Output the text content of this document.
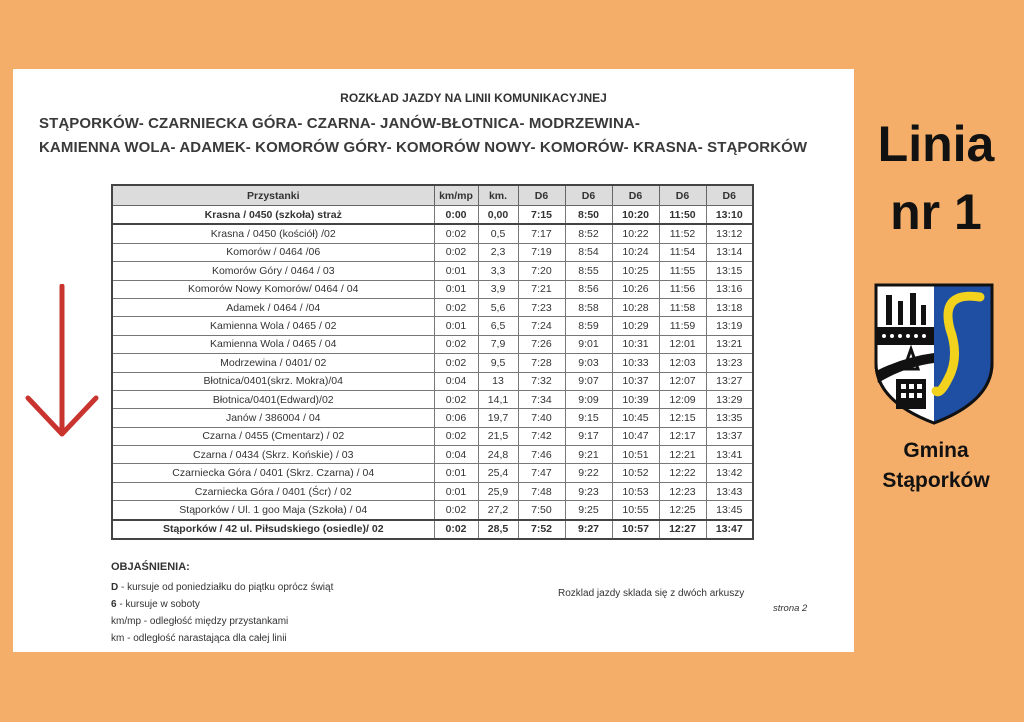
ROZKŁAD JAZDY NA LINII KOMUNIKACYJNEJ
STĄPORKÓW- CZARNIECKA GÓRA- CZARNA- JANÓW-BŁOTNICA- MODRZEWINA-
KAMIENNA WOLA- ADAMEK- KOMORÓW GÓRY- KOMORÓW NOWY- KOMORÓW- KRASNA- STĄPORKÓW
Przystanki	km/mp	km.	D6	D6	D6	D6	D6
Krasna / 0450 (szkoła) straż	0:00	0,00	7:15	8:50	10:20	11:50	13:10
Krasna / 0450 (kościół) /02	0:02	0,5	7:17	8:52	10:22	11:52	13:12
Komorów / 0464 /06	0:02	2,3	7:19	8:54	10:24	11:54	13:14
Komorów Góry / 0464 / 03	0:01	3,3	7:20	8:55	10:25	11:55	13:15
Komorów Nowy Komorów/ 0464 / 04	0:01	3,9	7:21	8:56	10:26	11:56	13:16
Adamek / 0464 / /04	0:02	5,6	7:23	8:58	10:28	11:58	13:18
Kamienna Wola / 0465 / 02	0:01	6,5	7:24	8:59	10:29	11:59	13:19
Kamienna Wola / 0465 / 04	0:02	7,9	7:26	9:01	10:31	12:01	13:21
Modrzewina / 0401/ 02	0:02	9,5	7:28	9:03	10:33	12:03	13:23
Błotnica/0401(skrz. Mokra)/04	0:04	13	7:32	9:07	10:37	12:07	13:27
Błotnica/0401(Edward)/02	0:02	14,1	7:34	9:09	10:39	12:09	13:29
Janów / 386004 / 04	0:06	19,7	7:40	9:15	10:45	12:15	13:35
Czarna / 0455 (Cmentarz) / 02	0:02	21,5	7:42	9:17	10:47	12:17	13:37
Czarna / 0434 (Skrz. Końskie) / 03	0:04	24,8	7:46	9:21	10:51	12:21	13:41
Czarniecka Góra / 0401 (Skrz. Czarna) / 04	0:01	25,4	7:47	9:22	10:52	12:22	13:42
Czarniecka Góra / 0401 (Ścr) / 02	0:01	25,9	7:48	9:23	10:53	12:23	13:43
Stąporków / Ul. 1 goo Maja (Szkoła) / 04	0:02	27,2	7:50	9:25	10:55	12:25	13:45
Stąporków / 42 ul. Piłsudskiego (osiedle)/ 02	0:02	28,5	7:52	9:27	10:57	12:27	13:47
OBJAŚNIENIA:
D - kursuje od poniedziałku do piątku oprócz świąt
6 - kursuje w soboty
km/mp - odległość między przystankami
km - odległość narastająca dla całej linii
Rozklad jazdy sklada się z dwóch arkuszy
strona 2
Linia
nr 1
Gmina
Stąporków
